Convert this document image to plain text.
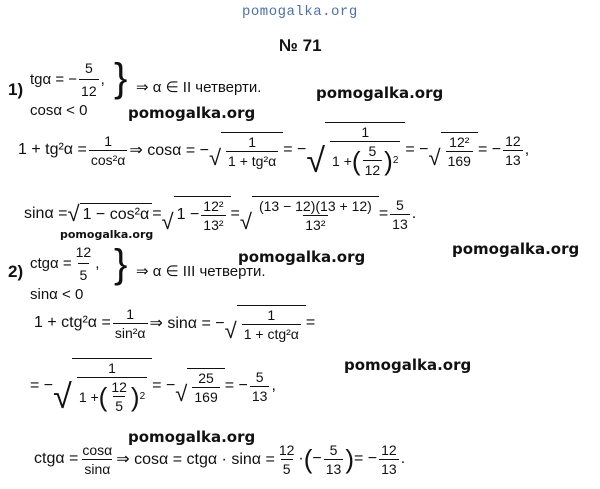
pomogalka.org
pomogalka.org
pomogalka.org
pomogalka.org
pomogalka.org	pomogalka.org
pomogalka.org
pomogalka.org
№ 71
1)
tgα = − $\frac{5}{12}$ ,
cosα < 0
} ⇒ α ∈ II четверти.
$1 + tg^2\alpha = \frac{1}{\text{cos²α}}$ ⇒ cosα = − √ $\frac{1}{\text{1 + tg²α}}$ = − √
1
1 + ( $\frac{5}{12}$ ) 2
= − √ $\frac{\text{12²}}{169}$ = − $\frac{12}{13}$ ,
sinα = √ 1 − cos²α = √ $1 - \frac{\text{12²}}{\text{13²}}$ = √ $\frac{(13 - 12)(13 + 12)}{\text{13²}} = \frac{5}{13}$ .
2) $ctg\alpha = \frac{12}{5}$ ,
sinα < 0
} ⇒ α ∈ III четверти.
$1 + ctg^2\alpha = \frac{1}{\text{sin²α}}$ ⇒ sinα = − √
1
1 + ctg²α
=
= − √
1
1 + ( $\frac{12}{5}$ ) 2
= − √ $\frac{25}{169}$ = − $\frac{5}{13}$ ,
$ctg\alpha = \frac{\cos\alpha}{\sin\alpha}$ ⇒ $\cos\alpha = ctg\alpha \cdot \sin\alpha = \frac{12}{5}$ · ( − $\frac{5}{13}$ ) = − $\frac{12}{13}$ .
